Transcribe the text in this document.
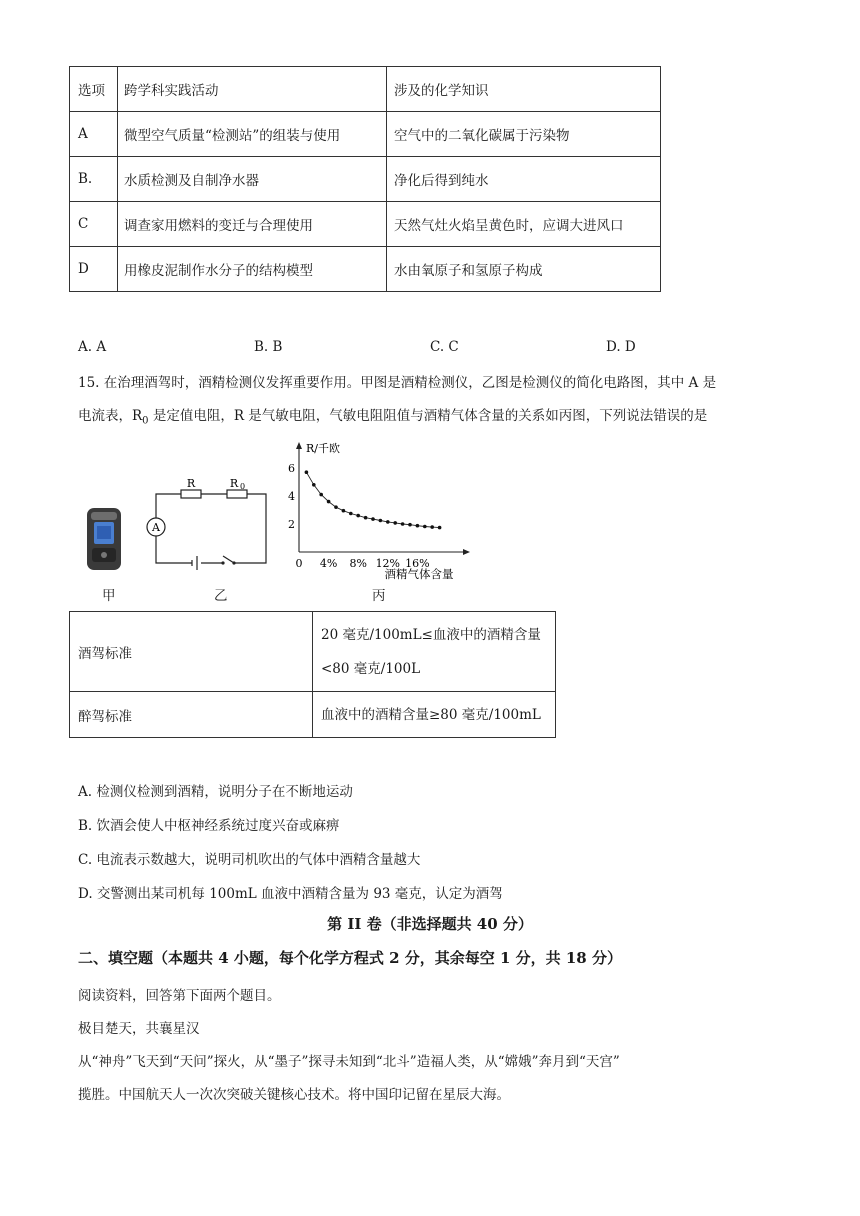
选项	跨学科实践活动	涉及的化学知识
A	微型空气质量“检测站”的组装与使用	空气中的二氧化碳属于污染物
B.	水质检测及自制净水器	净化后得到纯水
C	调查家用燃料的变迁与合理使用	天然气灶火焰呈黄色时，应调大进风口
D	用橡皮泥制作水分子的结构模型	水由氧原子和氢原子构成
A. A	B. B	C. C	D. D
15. 在治理酒驾时，酒精检测仪发挥重要作用。甲图是酒精检测仪，乙图是检测仪的简化电路图，其中 A 是
电流表，$R_0$ 是定值电阻，R 是气敏电阻，气敏电阻阻值与酒精气体含量的关系如丙图，下列说法错误的是
甲
R	R 0
A
乙
R/千欧
酒精气体含量
0 4% 8% 12% 16%
2
4
6
丙
酒驾标准	20 毫克/100mL≤血液中的酒精含量
<80 毫克/100L

醉驾标准	血液中的酒精含量≥80 毫克/100mL
A. 检测仪检测到酒精，说明分子在不断地运动
B. 饮酒会使人中枢神经系统过度兴奋或麻痹
C. 电流表示数越大，说明司机吹出的气体中酒精含量越大
D. 交警测出某司机每 100mL 血液中酒精含量为 93 毫克，认定为酒驾
第 II 卷（非选择题共 40 分）
二、填空题（本题共 4 小题，每个化学方程式 2 分，其余每空 1 分，共 18 分）
阅读资料，回答第下面两个题目。
极目楚天，共襄星汉
从“神舟”飞天到“天问”探火，从“墨子”探寻未知到“北斗”造福人类，从“嫦娥”奔月到“天宫”
揽胜。中国航天人一次次突破关键核心技术。将中国印记留在星辰大海。
